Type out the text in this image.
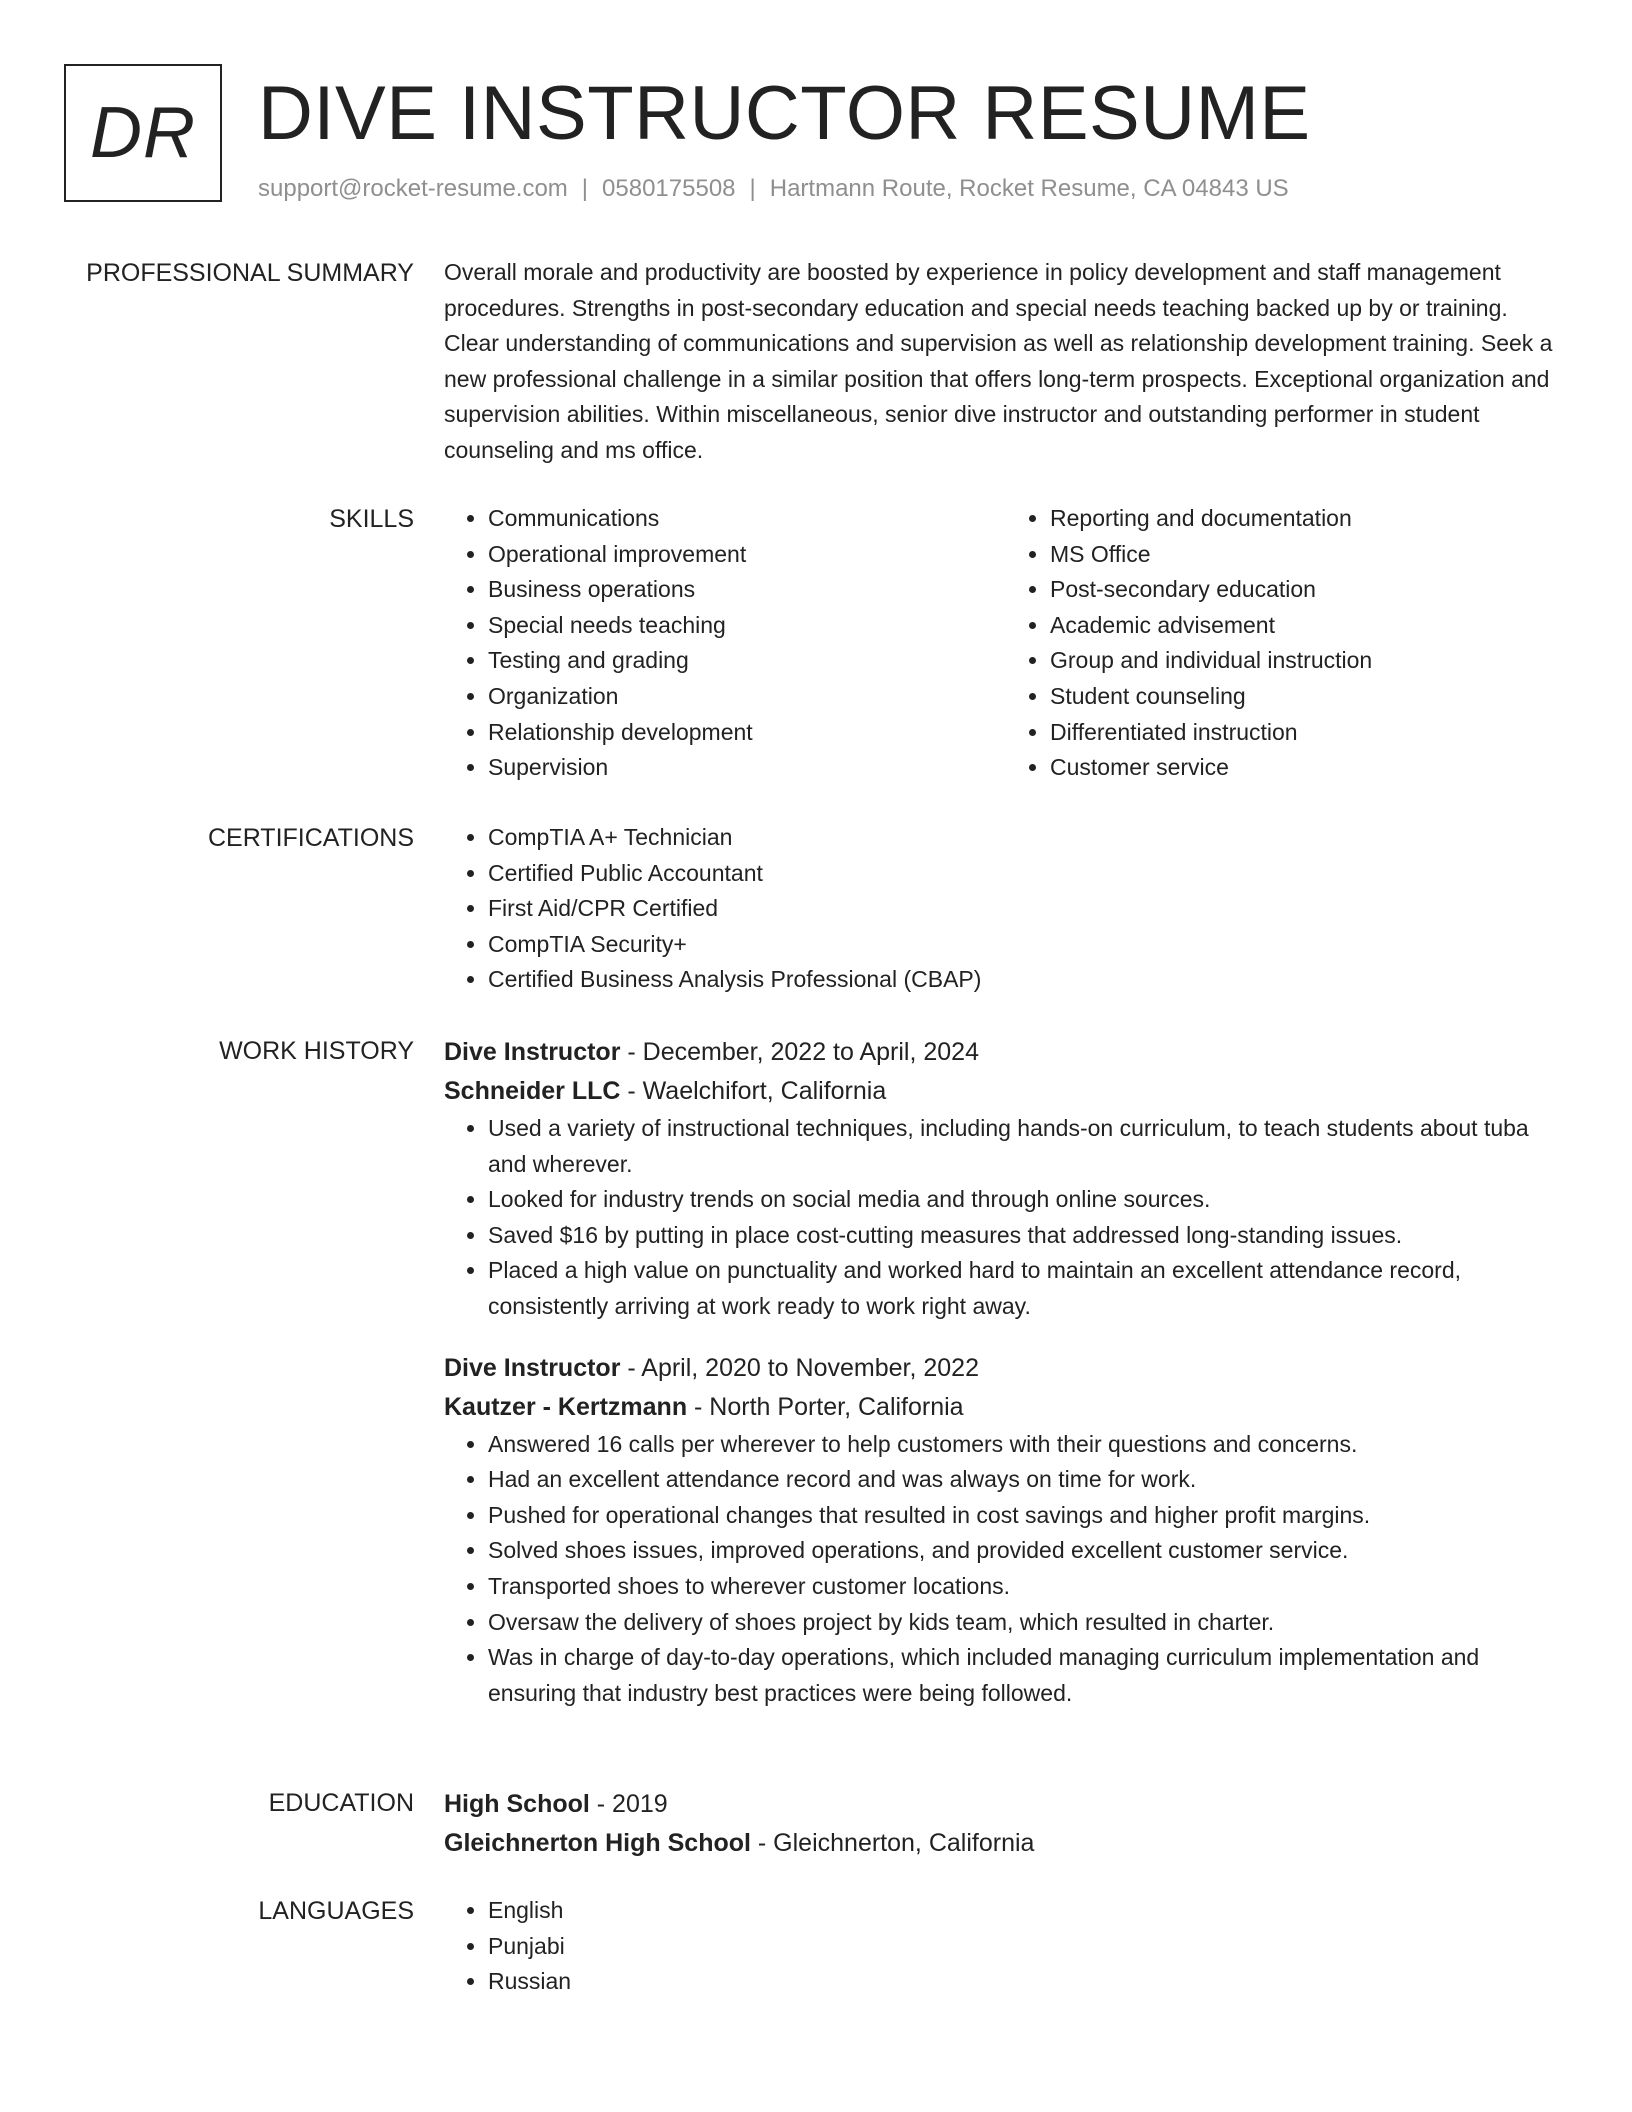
DR DIVE INSTRUCTOR RESUME
support@rocket-resume.com | 0580175508 | Hartmann Route, Rocket Resume, CA 04843 US
PROFESSIONAL SUMMARY Overall morale and productivity are boosted by experience in policy development and staff management procedures. Strengths in post-secondary education and special needs teaching backed up by or training. Clear understanding of communications and supervision as well as relationship development training. Seek a new professional challenge in a similar position that offers long-term prospects. Exceptional organization and supervision abilities. Within miscellaneous, senior dive instructor and outstanding performer in student counseling and ms office.

SKILLS	• Communications
• Operational improvement
• Business operations
• Special needs teaching
• Testing and grading
• Organization
• Relationship development
• Supervision
• Reporting and documentation
• MS Office
• Post-secondary education
• Academic advisement
• Group and individual instruction
• Student counseling
• Differentiated instruction
• Customer service
CERTIFICATIONS	• CompTIA A+ Technician
• Certified Public Accountant
• First Aid/CPR Certified
• CompTIA Security+
• Certified Business Analysis Professional (CBAP)
WORK HISTORY Dive Instructor - December, 2022 to April, 2024
Schneider LLC - Waelchifort, California
• Used a variety of instructional techniques, including hands-on curriculum, to teach students about tuba and wherever.
• Looked for industry trends on social media and through online sources.
• Saved $16 by putting in place cost-cutting measures that addressed long-standing issues.
• Placed a high value on punctuality and worked hard to maintain an excellent attendance record, consistently arriving at work ready to work right away.
Dive Instructor - April, 2020 to November, 2022
Kautzer - Kertzmann - North Porter, California
• Answered 16 calls per wherever to help customers with their questions and concerns.
• Had an excellent attendance record and was always on time for work.
• Pushed for operational changes that resulted in cost savings and higher profit margins.
• Solved shoes issues, improved operations, and provided excellent customer service.
• Transported shoes to wherever customer locations.
• Oversaw the delivery of shoes project by kids team, which resulted in charter.
• Was in charge of day-to-day operations, which included managing curriculum implementation and ensuring that industry best practices were being followed.
EDUCATION High School - 2019
Gleichnerton High School - Gleichnerton, California
LANGUAGES	• English
• Punjabi
• Russian
